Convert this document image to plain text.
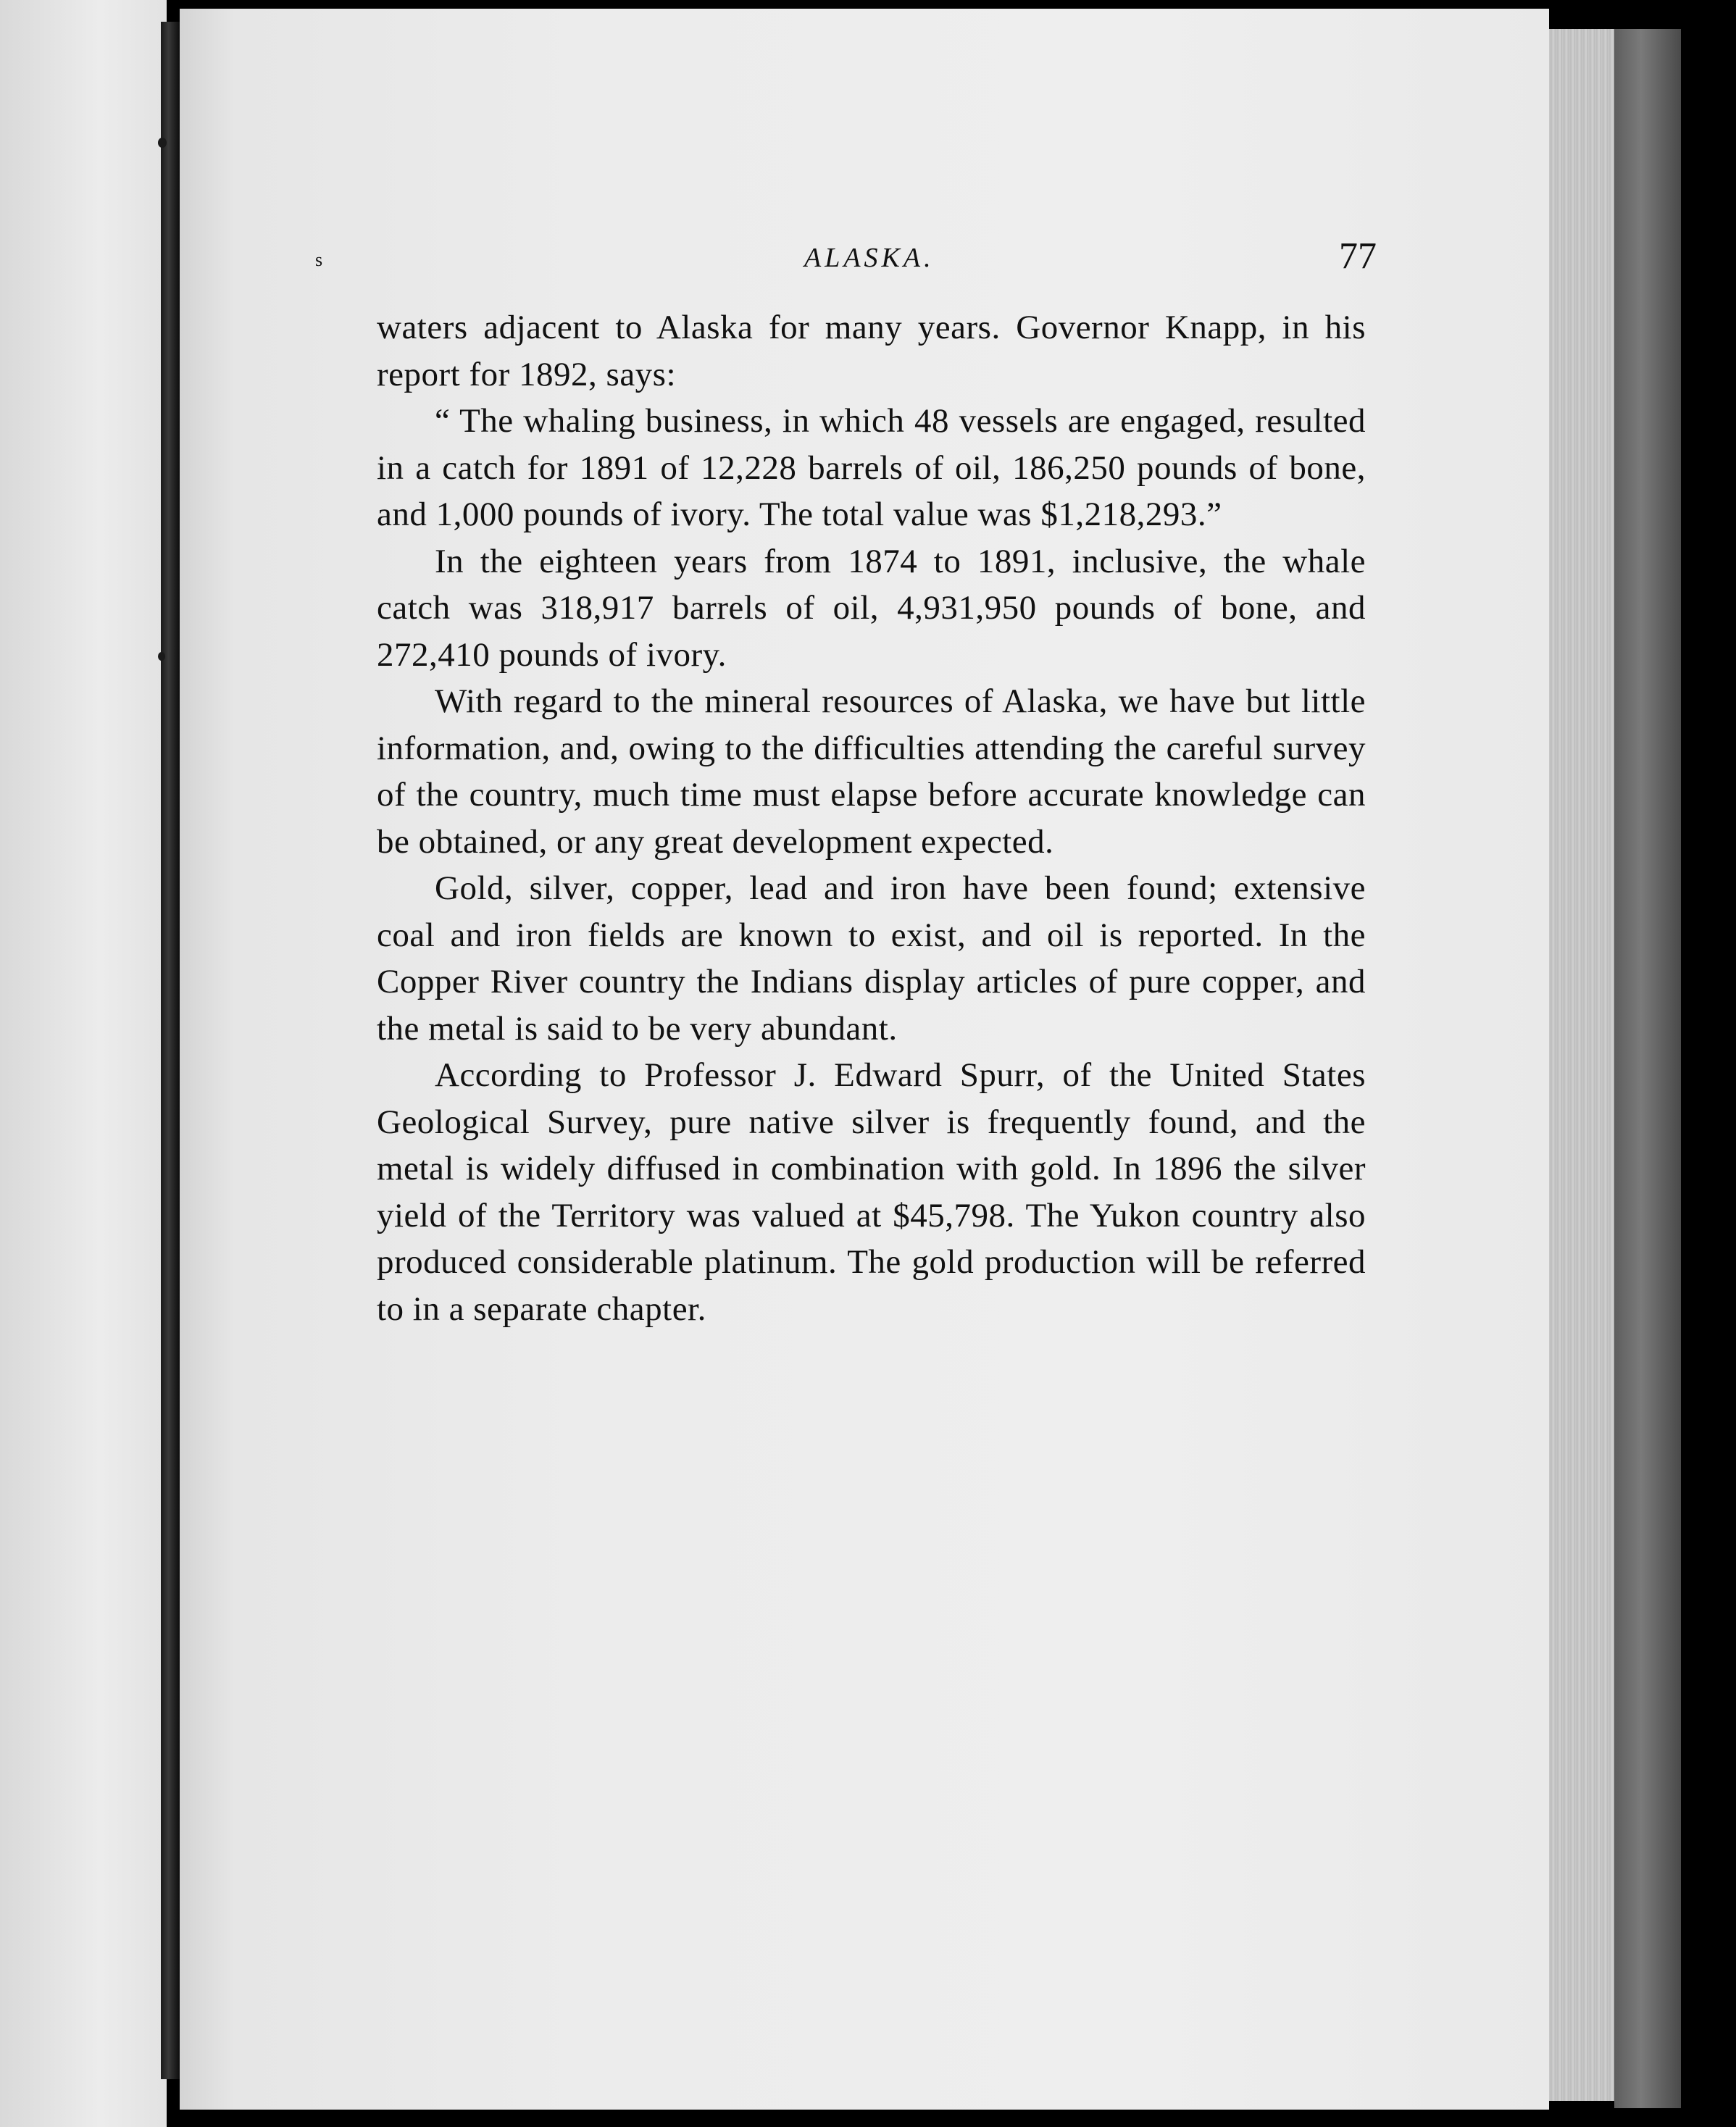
s	ALASKA.	77

waters adjacent to Alaska for many years. Governor Knapp, in his report for 1892, says:

“ The whaling business, in which 48 vessels are engaged, resulted in a catch for 1891 of 12,228 barrels of oil, 186,250 pounds of bone, and 1,000 pounds of ivory. The total value was $1,218,293.”

In the eighteen years from 1874 to 1891, inclusive, the whale catch was 318,917 barrels of oil, 4,931,950 pounds of bone, and 272,410 pounds of ivory.

With regard to the mineral resources of Alaska, we have but little information, and, owing to the difficulties attending the careful survey of the country, much time must elapse before accurate knowledge can be obtained, or any great development expected.

Gold, silver, copper, lead and iron have been found; extensive coal and iron fields are known to exist, and oil is reported. In the Copper River country the Indians display articles of pure copper, and the metal is said to be very abundant.

According to Professor J. Edward Spurr, of the United States Geological Survey, pure native silver is frequently found, and the metal is widely diffused in combination with gold. In 1896 the silver yield of the Territory was valued at $45,798. The Yukon country also produced considerable platinum. The gold production will be referred to in a separate chapter.
